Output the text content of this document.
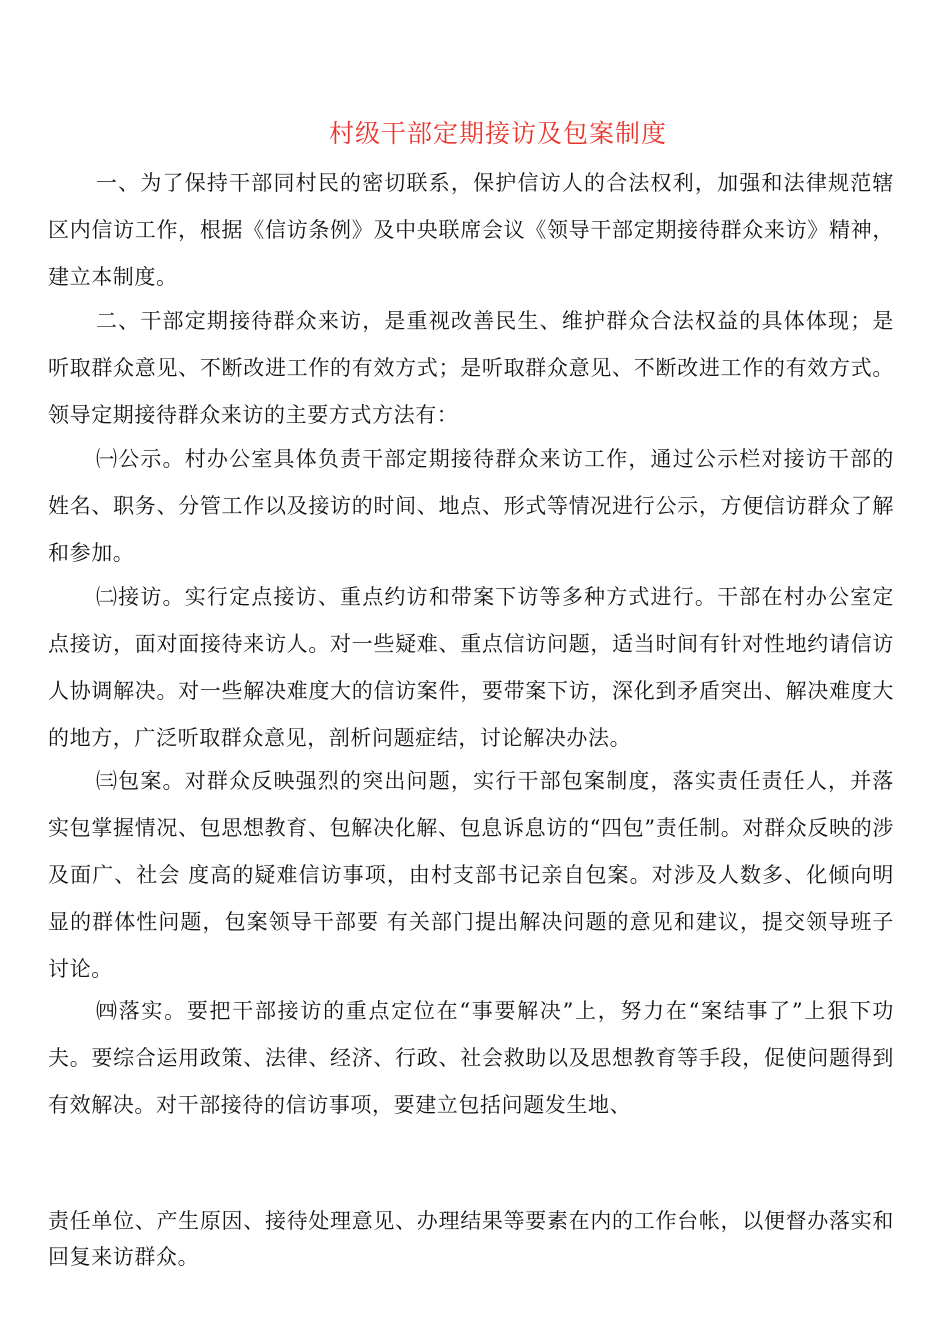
村级干部定期接访及包案制度

一、为了保持干部同村民的密切联系，保护信访人的合法权利，加强和法律规范辖区内信访工作，根据《信访条例》及中央联席会议《领导干部定期接待群众来访》精神，建立本制度。

二、干部定期接待群众来访，是重视改善民生、维护群众合法权益的具体体现；是听取群众意见、不断改进工作的有效方式；是听取群众意见、不断改进工作的有效方式。领导定期接待群众来访的主要方式方法有：

㈠公示。村办公室具体负责干部定期接待群众来访工作，通过公示栏对接访干部的姓名、职务、分管工作以及接访的时间、地点、形式等情况进行公示，方便信访群众了解和参加。

㈡接访。实行定点接访、重点约访和带案下访等多种方式进行。干部在村办公室定点接访，面对面接待来访人。对一些疑难、重点信访问题，适当时间有针对性地约请信访人协调解决。对一些解决难度大的信访案件，要带案下访，深化到矛盾突出、解决难度大的地方，广泛听取群众意见，剖析问题症结，讨论解决办法。

㈢包案。对群众反映强烈的突出问题，实行干部包案制度，落实责任责任人，并落实包掌握情况、包思想教育、包解决化解、包息诉息访的“四包”责任制。对群众反映的涉及面广、社会 度高的疑难信访事项，由村支部书记亲自包案。对涉及人数多、化倾向明显的群体性问题，包案领导干部要 有关部门提出解决问题的意见和建议，提交领导班子 讨论。

㈣落实。要把干部接访的重点定位在“事要解决”上，努力在“案结事了”上狠下功夫。要综合运用政策、法律、经济、行政、社会救助以及思想教育等手段，促使问题得到有效解决。对干部接待的信访事项，要建立包括问题发生地、

责任单位、产生原因、接待处理意见、办理结果等要素在内的工作台帐，以便督办落实和回复来访群众。
